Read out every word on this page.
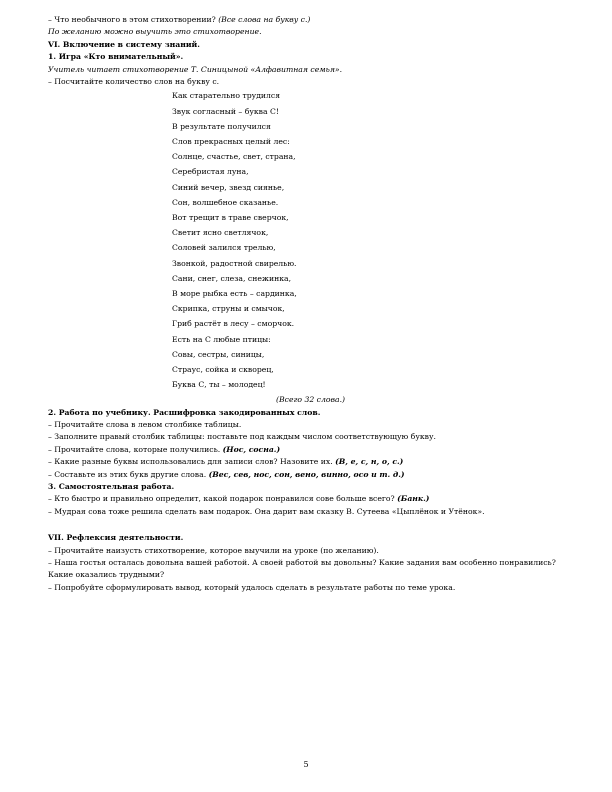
– Что необычного в этом стихотворении? (Все слова на букву с.)
По желанию можно выучить это стихотворение.
VI. Включение в систему знаний.
1. Игра «Кто внимательный».
Учитель читает стихотворение Т. Синицыной «Алфавитная семья».
– Посчитайте количество слов на букву с.
Как старательно трудился
Звук согласный – буква С!
В результате получился
Слов прекрасных целый лес:
Солнце, счастье, свет, страна,
Серебристая луна,
Синий вечер, звезд сиянье,
Сон, волшебное сказанье.
Вот трещит в траве сверчок,
Светит ясно светлячок,
Соловей залился трелью,
Звонкой, радостной свирелью.
Сани, снег, слеза, снежинка,
В море рыбка есть – сардинка,
Скрипка, струны и смычок,
Гриб растёт в лесу – сморчок.
Есть на С любые птицы:
Совы, сестры, синицы,
Страус, сойка и скворец,
Буква С, ты – молодец!
(Всего 32 слова.)
2. Работа по учебнику. Расшифровка закодированных слов.
– Прочитайте слова в левом столбике таблицы.
– Заполните правый столбик таблицы: поставьте под каждым числом соответствующую букву.
– Прочитайте слова, которые получились. (Нос, сосна.)
– Какие разные буквы использовались для записи слов? Назовите их. (В, е, с, н, о, с.)
– Составьте из этих букв другие слова. (Вес, сев, нос, сон, вено, винно, осо и т. д.)
3. Самостоятельная работа.
– Кто быстро и правильно определит, какой подарок понравился сове больше всего? (Банк.)
– Мудрая сова тоже решила сделать вам подарок. Она дарит вам сказку В. Сутеева «Цыплёнок и Утёнок».
VII. Рефлексия деятельности.
– Прочитайте наизусть стихотворение, которое выучили на уроке (по желанию).
– Наша гостья осталась довольна вашей работой. А своей работой вы довольны? Какие задания вам особенно понравились? Какие оказались трудными?
– Попробуйте сформулировать вывод, который удалось сделать в результате работы по теме урока.
5
